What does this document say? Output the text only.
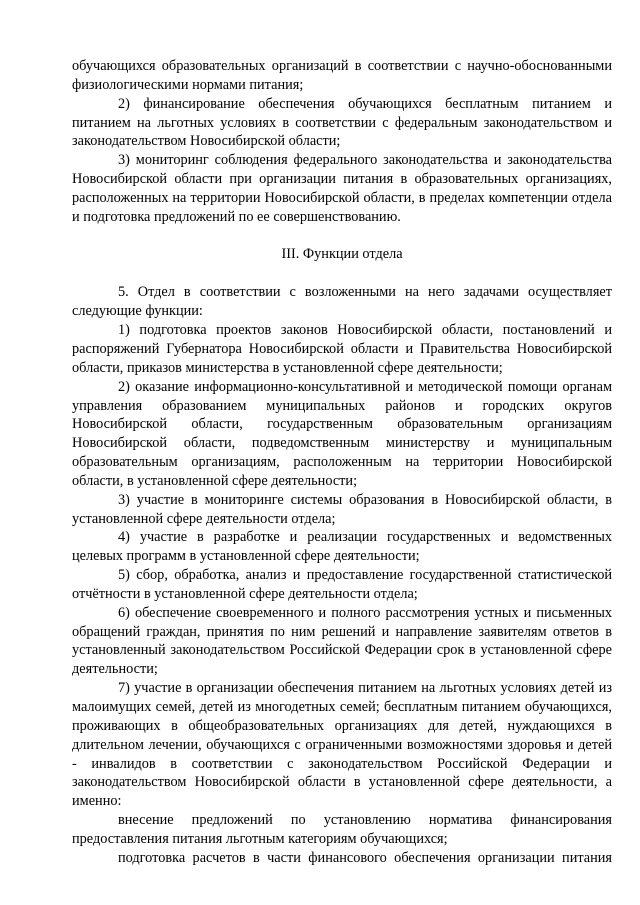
обучающихся образовательных организаций в соответствии с научно-обоснованными физиологическими нормами питания;

2) финансирование обеспечения обучающихся бесплатным питанием и питанием на льготных условиях в соответствии с федеральным законодательством и законодательством Новосибирской области;

3) мониторинг соблюдения федерального законодательства и законодательства Новосибирской области при организации питания в образовательных организациях, расположенных на территории Новосибирской области, в пределах компетенции отдела и подготовка предложений по ее совершенствованию.

III. Функции отдела

5. Отдел в соответствии с возложенными на него задачами осуществляет следующие функции:

1) подготовка проектов законов Новосибирской области, постановлений и распоряжений Губернатора Новосибирской области и Правительства Новосибирской области, приказов министерства в установленной сфере деятельности;

2) оказание информационно-консультативной и методической помощи органам управления образованием муниципальных районов и городских округов Новосибирской области, государственным образовательным организациям Новосибирской области, подведомственным министерству и муниципальным образовательным организациям, расположенным на территории Новосибирской области, в установленной сфере деятельности;

3) участие в мониторинге системы образования в Новосибирской области, в установленной сфере деятельности отдела;

4) участие в разработке и реализации государственных и ведомственных целевых программ в установленной сфере деятельности;

5) сбор, обработка, анализ и предоставление государственной статистической отчётности в установленной сфере деятельности отдела;

6) обеспечение своевременного и полного рассмотрения устных и письменных обращений граждан, принятия по ним решений и направление заявителям ответов в установленный законодательством Российской Федерации срок в установленной сфере деятельности;

7) участие в организации обеспечения питанием на льготных условиях детей из малоимущих семей, детей из многодетных семей; бесплатным питанием обучающихся, проживающих в общеобразовательных организациях для детей, нуждающихся в длительном лечении, обучающихся с ограниченными возможностями здоровья и детей - инвалидов в соответствии с законодательством Российской Федерации и законодательством Новосибирской области в установленной сфере деятельности, а именно:

внесение предложений по установлению норматива финансирования предоставления питания льготным категориям обучающихся;

подготовка расчетов в части финансового обеспечения организации питания
